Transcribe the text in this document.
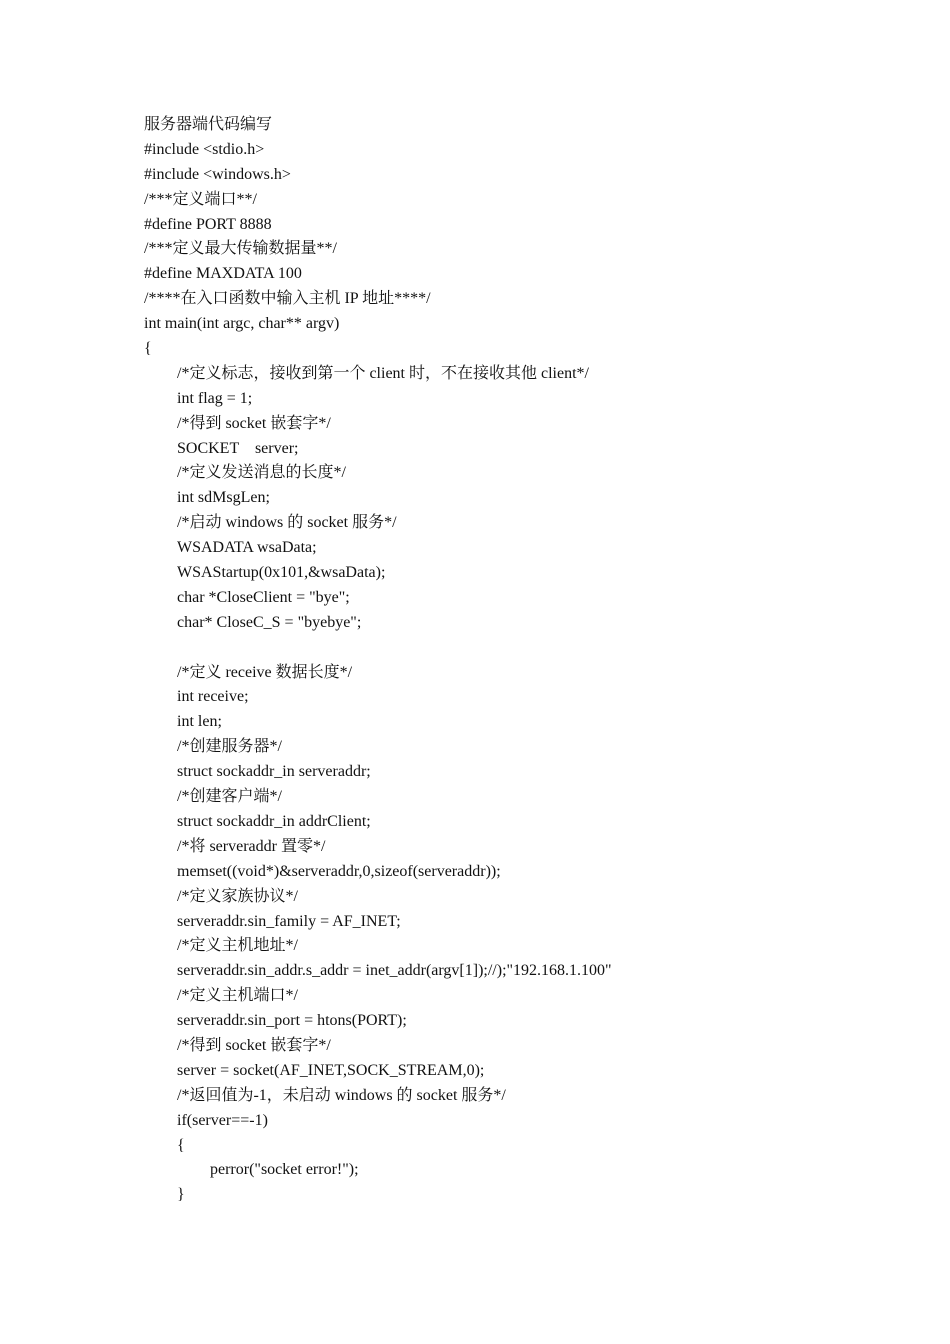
服务器端代码编写
#include <stdio.h>
#include <windows.h>
/***定义端口**/
#define PORT 8888
/***定义最大传输数据量**/
#define MAXDATA 100
/****在入口函数中输入主机 IP 地址****/
int main(int argc, char** argv)
{
/*定义标志，接收到第一个 client 时，不在接收其他 client*/
int flag = 1;
/*得到 socket 嵌套字*/
SOCKET    server;
/*定义发送消息的长度*/
int sdMsgLen;
/*启动 windows 的 socket 服务*/
WSADATA wsaData;
WSAStartup(0x101,&wsaData);
char *CloseClient = "bye";
char* CloseC_S = "byebye";
/*定义 receive 数据长度*/
int receive;
int len;
/*创建服务器*/
struct sockaddr_in serveraddr;
/*创建客户端*/
struct sockaddr_in addrClient;
/*将 serveraddr 置零*/
memset((void*)&serveraddr,0,sizeof(serveraddr));
/*定义家族协议*/
serveraddr.sin_family = AF_INET;
/*定义主机地址*/
serveraddr.sin_addr.s_addr = inet_addr(argv[1]);//);"192.168.1.100"
/*定义主机端口*/
serveraddr.sin_port = htons(PORT);
/*得到 socket 嵌套字*/
server = socket(AF_INET,SOCK_STREAM,0);
/*返回值为-1，未启动 windows 的 socket 服务*/
if(server==-1)
{
perror("socket error!");
}
